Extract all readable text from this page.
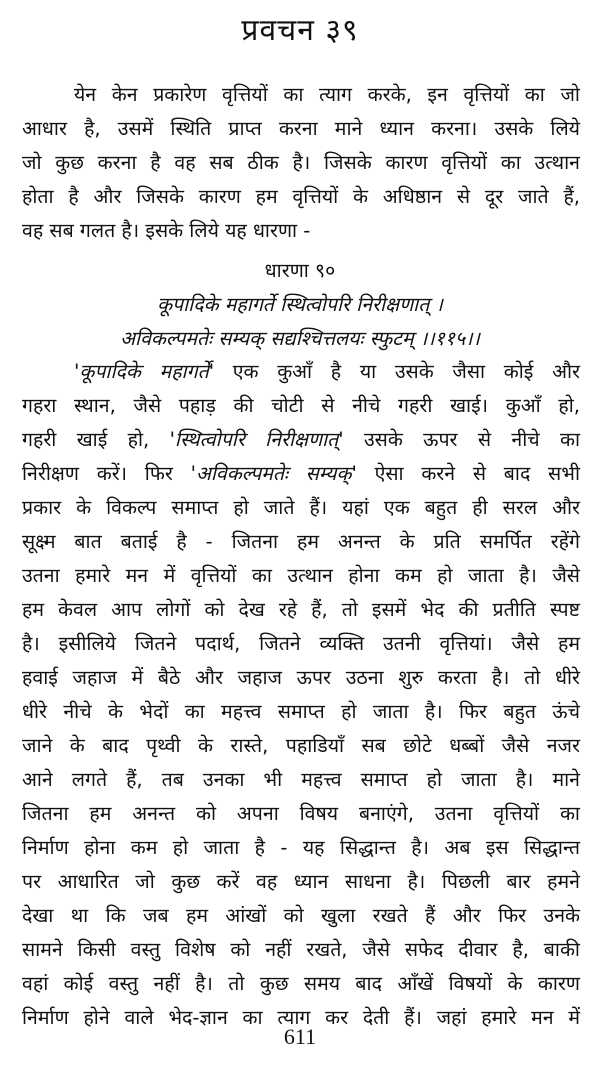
प्रवचन ३९
येन केन प्रकारेण वृत्तियों का त्याग करके, इन वृत्तियों का जो
आधार है, उसमें स्थिति प्राप्त करना माने ध्यान करना। उसके लिये
जो कुछ करना है वह सब ठीक है। जिसके कारण वृत्तियों का उत्थान
होता है और जिसके कारण हम वृत्तियों के अधिष्ठान से दूर जाते हैं,
वह सब गलत है। इसके लिये यह धारणा -
धारणा ९०
कूपादिके महागर्ते स्थित्वोपरि निरीक्षणात् ।
अविकल्पमतेः सम्यक् सद्यश्चित्तलयः स्फुटम् ।।११५।।
'कूपादिके महागर्ते' एक कुआँ है या उसके जैसा कोई और
गहरा स्थान, जैसे पहाड़ की चोटी से नीचे गहरी खाई। कुआँ हो,
गहरी खाई हो, 'स्थित्वोपरि निरीक्षणात्' उसके ऊपर से नीचे का
निरीक्षण करें। फिर 'अविकल्पमतेः सम्यक्' ऐसा करने से बाद सभी
प्रकार के विकल्प समाप्त हो जाते हैं। यहां एक बहुत ही सरल और
सूक्ष्म बात बताई है - जितना हम अनन्त के प्रति समर्पित रहेंगे
उतना हमारे मन में वृत्तियों का उत्थान होना कम हो जाता है। जैसे
हम केवल आप लोगों को देख रहे हैं, तो इसमें भेद की प्रतीति स्पष्ट
है। इसीलिये जितने पदार्थ, जितने व्यक्ति उतनी वृत्तियां। जैसे हम
हवाई जहाज में बैठे और जहाज ऊपर उठना शुरु करता है। तो धीरे
धीरे नीचे के भेदों का महत्त्व समाप्त हो जाता है। फिर बहुत ऊंचे
जाने के बाद पृथ्वी के रास्ते, पहाडियाँ सब छोटे धब्बों जैसे नजर
आने लगते हैं, तब उनका भी महत्त्व समाप्त हो जाता है। माने
जितना हम अनन्त को अपना विषय बनाएंगे, उतना वृत्तियों का
निर्माण होना कम हो जाता है - यह सिद्धान्त है। अब इस सिद्धान्त
पर आधारित जो कुछ करें वह ध्यान साधना है। पिछली बार हमने
देखा था कि जब हम आंखों को खुला रखते हैं और फिर उनके
सामने किसी वस्तु विशेष को नहीं रखते, जैसे सफेद दीवार है, बाकी
वहां कोई वस्तु नहीं है। तो कुछ समय बाद आँखें विषयों के कारण
निर्माण होने वाले भेद-ज्ञान का त्याग कर देती हैं। जहां हमारे मन में
611
